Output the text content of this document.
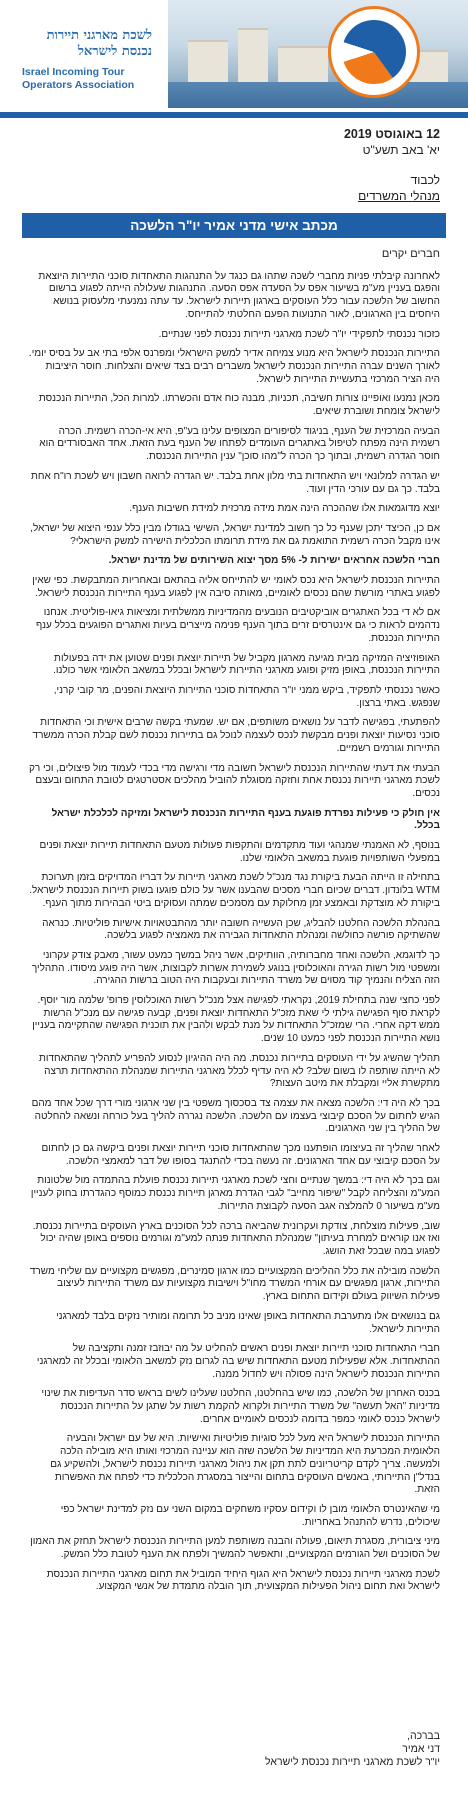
לשכת מארגני תיירות נכנסת לישראל
Israel Incoming Tour Operators Association
12 באוגוסט 2019
יא' באב תשע"ט
לכבוד
מנהלי המשרדים
מכתב אישי מדני אמיר יו"ר הלשכה

חברים יקרים

לאחרונה קיבלתי פניות מחברי לשכה שתהו גם כנגד על התנהגות התאחדות סוכני התיירות היוצאת והפגם בעניין מע"מ בשיעור אפס על הסעדה אפס הסעה. התנהגות שעלולה הייתה לפגוע ברשום החשוב של הלשכה עבור כלל העוסקים בארגון תיירות לישראל. עד עתה נמנעתי מלעסוק בנושא היחסים בין הארגונים, לאור התנועות הפעם החלטתי להתייחס.

כזכור נכנסתי לתפקידי יו"ר לשכת מארגני תיירות נכנסת לפני שנתיים.

התיירות הנכנסת לישראל היא מנוע צמיחה אדיר למשק הישראלי ומפרנס אלפי בתי אב על בסיס יומי. לאורך השנים עברה התיירות הנכנסת לישראל משברים רבים בצד שיאים והצלחות. חוסר היציבות היה הציר המרכזי בתעשיית התיירות לישראל.

מכאן נמנעו ואופיינו צורות חשיבה, תכניות, מבנה כוח אדם והכשרתו. למרות הכל, התיירות הנכנסת לישראל צומחת ושוברת שיאים.

הבעיה המרכזית של הענף, בניגוד לסיפורים המצופים עלינו בע"פ, היא אי-הכרה רשמית. הכרה רשמית הינה מפתח לטיפול באתגרים העומדים לפתחו של הענף בעת הזאת. אחד האבסורדים הוא חוסר הגדרה רשמית, ובתוך כך הכרה ל"מהו סוכן" ענין התיירות הנכנסת.

יש הגדרה למלונאי ויש התאחדות בתי מלון אחת בלבד. יש הגדרה לרואה חשבון ויש לשכת רו"ח אחת בלבד. כך גם עם עורכי הדין ועוד.

יוצא מדוגמאות אלו שההכרה הינה אמת מידה מרכזית למידת חשיבות הענף.

אם כן, הכיצד יתכן שענף כל כך חשוב למדינת ישראל, השישי בגודלו מבין כלל ענפי היצוא של ישראל, אינו מקבל הכרה רשמית התואמת גם את מידת תרומתו הכלכלית הישירה למשק הישראלי?

חברי הלשכה אחראים ישירות ל- 5% מסך יצוא השירותים של מדינת ישראל.

התיירות הנכנסת לישראל היא נכס לאומי יש להתייחס אליה בהתאם ובאחריות המתבקשת. כפי שאין לפגוע באתרי מורשת שהם נכסים לאומיים, מאותה סיבה אין לפגוע בענף התיירות הנכנסת לישראל.

אם לא די בכל האתגרים אוביקטיבים הנובעים מהמדיניות ממשלתית ומציאות גיאו-פוליטית. אנחנו נדהמים לראות כי גם אינטרסים זרים בתוך הענף פנימה מייצרים בעיות ואתגרים הפוגעים בכלל ענף התיירות הנכנסת.

האופוזיציה המזיקה מבית מגיעה מארגון מקביל של תיירות יוצאת ופנים שטוען את ידה בפעולות התיירות הנכנסת, באופן מזיק ופוגע מארגני התיירות לישראל ובכלל במשאב הלאומי אשר כולנו.

כאשר נכנסתי לתפקיד, ביקש ממני יו"ר התאחדות סוכני התיירות היוצאת והפנים, מר קובי קרני, שנפגש. באתי ברצון.

להפתעתי, בפגישה לדבר על נושאים משותפים, אם יש. שמעתי בקשה שרבים אישית וכי התאחדות סוכני נסיעות יוצאת ופנים מבקשת לנכס לעצמה לנוכל גם בתיירות נכנסת לשם קבלת הכרה ממשרד התיירות וגורמים רשמיים.

הבעתי את דעתי שהתיירות הנכנסת לישראל חשובה מדי ורגישה מדי בכדי לעמוד מול פיצולים, וכי רק לשכת מארגני תיירות נכנסת אחת וחזקה מסוגלת להוביל מהלכים אסטרטגים לטובת התחום ובעצם נכסים.

אין חולק כי פעילות נפרדת פוגעת בענף התיירות הנכנסת לישראל ומזיקה לכלכלת ישראל בכלל.

בנוסף, לא האמנתי שמנהגי ועוד מתקדמים והתקפות פעולות מטעם התאחדות תיירות יוצאת ופנים במפעלי השותפויות פוגעת במשאב הלאומי שלנו.

בתחילה זו הייתה הבעת ביקורת נגד מנכ"ל לשכת מארגני תיירות על דבריו המדויקים בזמן תערוכת WTM בלונדון. דברים שכיום חברי מסכים שהבענו אשר על כולם פוגעו בשוק תיירות הנכנסת לישראל. ביקורת לא מוצדקת ובאמצע זמן מחלוקת עם מסמכים שמתה ועסוקים ביטי הבהירות מתוך הענף.

בהנהלת הלשכה החלטנו להבליג, שכן העשייה חשובה יותר מהתבטאויות אישיות פוליטיות. כנראה שהשתיקה פורשה כחולשה ומנהלת התאחדות הגבירה את מאמציה לפגוע בלשכה.

כך לדוגמא, הלשכה ואחד מחברותיה, הוותיקים, אשר ניהל במשך כמעט עשור, מאבק צודק עקרוני ומשפטי מול רשות הגירה והאוכלוסין בנוגע לשמירת אשרות לקבוצות, אשר היה פוגע מיסודו. התהליך הזה הצליח והנמיך קוד מסוים של משרד התיירות ובעקבות היה הטוב ברשות ההגירה.

לפני כחצי שנה בתחילת 2019, נקראתי לפגישה אצל מנכ"ל רשות האוכלוסין פרופ' שלמה מור יוסף. לקראת סוף הפגישה גילתי לי שאת מזכ"ל התאחדות יוצאת ופנים, קבעה פגישה עם מנכ"ל הרשות ממש דקה אחרי. הרי שמזכ"ל התאחדות על מנת לבקש ולהבין את תוכנית הפגישה שהתקיימה בעניין נושא התיירות הנכנסת לפני כמעט 10 שנים.

תהליך שהשיג על ידי העוסקים בתיירות נכנסת. מה היה ההיגיון לנסוע להפריע לתהליך שהתאחדות לא הייתה שותפה לו בשום שלב? לא היה עדיף לכלל מארגני התיירות שמנהלת ההתאחדות תרצה מתקשרת אליי ומקבלת את מיטב העצות?

בכך לא היה די: הלשכה מצאה את עצמה צד בסכסוך משפטי בין שני ארגוני מורי דרך שכל אחד מהם הגיש לחתום על הסכם קיבוצי בעצמו עם הלשכה. הלשכה נגררה להליך בעל כורחה ונשאה להחלטה של ההליך בין שני הארגונים.

לאחר שהליך זה בעיצומו הופתענו מכך שהתאחדות סוכני תיירות יוצאת ופנים ביקשה גם כן לחתום על הסכם קיבוצי עם אחד הארגונים. זה נעשה בכדי להתנגד בסופו של דבר למאמצי הלשכה.

וגם בכך לא היה די: במשך שנתיים וחצי לשכת מארגני תיירות נכנסת פועלת בהתמדה מול שלטונות המע"מ והצליחה לקבל "שיפור מחייב" לגבי הגדרת מארגן תיירות נכנסת כמוסף כהגדרתו בחוק לעניין מע"מ בשיעור 0 להמלצה אגב הסעה לקבוצת התיירות.

שוב, פעילות מוצלחת, צודקת ועקרונית שהביאה ברכה לכל הסוכנים בארץ העוסקים בתיירות נכנסת. ואז אנו קוראים למחרת בעיתון" שמנהלת התאחדות פנתה למע"מ וגורמים נוספים באופן שהיה יכול לפגוע במה שבכל זאת הושג.

הלשכה מובילה את כלל ההליכים המקצועיים כמו ארגון סמינרים, מפגשים מקצועיים עם שליחי משרד התיירות, ארגון מפגשים עם אורחי המשרד מחו"ל וישיבות מקצועיות עם משרד התיירות לעיצוב פעילות השיווק בעולם וקידום התחום בארץ.

גם בנושאים אלו מתערבת התאחדות באופן שאינו מניב כל תרומה ומותיר נזקים בלבד למארגני התיירות לישראל.

חברי התאחדות סוכני תיירות יוצאת ופנים ראשים להחליט על מה יבוזבז זמנה ותקציבה של ההתאחדות. אלא שפעילות מטעם התאחדות שיש בה לגרום נזק למשאב הלאומי ובכלל זה למארגני התיירות הנכנסת לישראל הינה פסולה ויש לחדול ממנה.

בכנס האחרון של הלשכה, כמו שיש בהחלטנו, החלטנו שעלינו לשים בראש סדר העדיפות את שינוי מדיניות "האל תעשה" של משרד התיירות ולקרוא להקמת רשות על שתגן על התיירות הנכנסת לישראל כנכס לאומי כמפר בדומה לנכסים לאומיים אחרים.

התיירות הנכנסת לישראל היא מעל לכל סוגיות פוליטיות ואישיות. היא של עם ישראל והבעיה הלאומית המכרעת היא המדיניות של הלשכה שזה הוא עניינה המרכזי ואותו היא מובילה הלכה ולמעשה. צריך לקדם קריטריונים לתת תקן את ניהול מארגני תיירות נכנסת לישראל, ולהשקיע גם בנדל"ן התיירותי, באנשים העוסקים בתחום והייצור במסגרת הכלכלית כדי לפתח את האפשרות הזאת.

מי שהאינטרס הלאומי מובן לו וקידום עסקיו משחקים במקום השני עם נזק למדינת ישראל כפי שיכולים, נדרש להתנהל באחריות.

מיני ציבורית, מסגרת תיאום, פעולה והבנה משותפת למען התיירות הנכנסת לישראל תחזק את האמון של הסוכנים ושל הגורמים המקצועיים, ותאפשר להמשיך ולפתח את הענף לטובת כלל המשק.

לשכת מארגני תיירות נכנסת לישראל היא הגוף היחיד המוביל את תחום מארגני התיירות הנכנסת לישראל ואת תחום ניהול הפעילות המקצועית, תוך הובלה מתמדת של אנשי המקצוע.

בברכה,
דני אמיר
יו"ר לשכת מארגני תיירות נכנסת לישראל
